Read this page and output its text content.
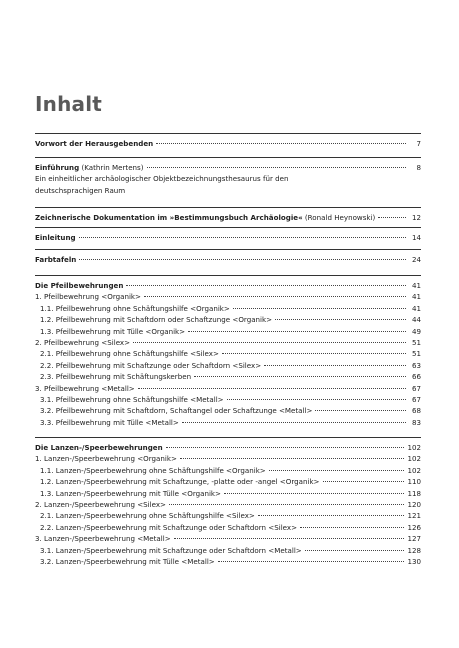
Inhalt
Vorwort der Herausgebenden	7
Einführung (Kathrin Mertens)	8
Ein einheitlicher archäologischer Objektbezeichnungsthesaurus für den
deutschsprachigen Raum
Zeichnerische Dokumentation im »Bestimmungsbuch Archäologie« (Ronald Heynowski)	12
Einleitung	14
Farbtafeln	24
Die Pfeilbewehrungen	41
1. Pfeilbewehrung <Organik>	41
1.1. Pfeilbewehrung ohne Schäftungshilfe <Organik>	41
1.2. Pfeilbewehrung mit Schaftdorn oder Schaftzunge <Organik>	44
1.3. Pfeilbewehrung mit Tülle <Organik>	49
2. Pfeilbewehrung <Silex>	51
2.1. Pfeilbewehrung ohne Schäftungshilfe <Silex>	51
2.2. Pfeilbewehrung mit Schaftzunge oder Schaftdorn <Silex>	63
2.3. Pfeilbewehrung mit Schäftungskerben	66
3. Pfeilbewehrung <Metall>	67
3.1. Pfeilbewehrung ohne Schäftungshilfe <Metall>	67
3.2. Pfeilbewehrung mit Schaftdorn, Schaftangel oder Schaftzunge <Metall>	68
3.3. Pfeilbewehrung mit Tülle <Metall>	83
Die Lanzen-/Speerbewehrungen	102
1. Lanzen-/Speerbewehrung <Organik>	102
1.1. Lanzen-/Speerbewehrung ohne Schäftungshilfe <Organik>	102
1.2. Lanzen-/Speerbewehrung mit Schaftzunge, -platte oder -angel <Organik>	110
1.3. Lanzen-/Speerbewehrung mit Tülle <Organik>	118
2. Lanzen-/Speerbewehrung <Silex>	120
2.1. Lanzen-/Speerbewehrung ohne Schäftungshilfe <Silex>	121
2.2. Lanzen-/Speerbewehrung mit Schaftzunge oder Schaftdorn <Silex>	126
3. Lanzen-/Speerbewehrung <Metall>	127
3.1. Lanzen-/Speerbewehrung mit Schaftzunge oder Schaftdorn <Metall>	128
3.2. Lanzen-/Speerbewehrung mit Tülle <Metall>	130
